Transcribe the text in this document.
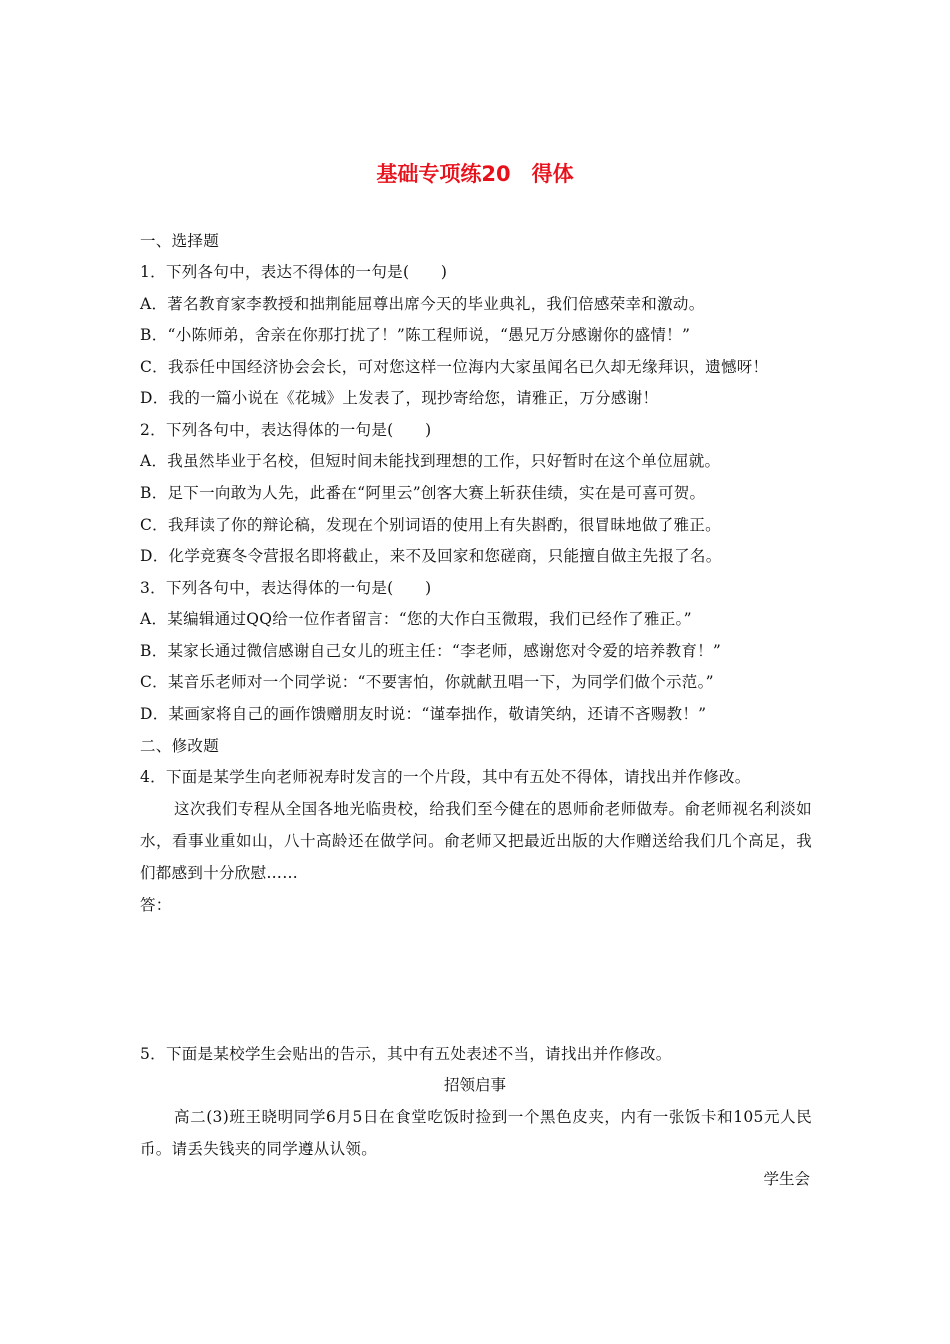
基础专项练20　得体
一、选择题
1．下列各句中，表达不得体的一句是(　　)
A．著名教育家李教授和拙荆能屈尊出席今天的毕业典礼，我们倍感荣幸和激动。
B．“小陈师弟，舍亲在你那打扰了！”陈工程师说，“愚兄万分感谢你的盛情！”
C．我忝任中国经济协会会长，可对您这样一位海内大家虽闻名已久却无缘拜识，遗憾呀！
D．我的一篇小说在《花城》上发表了，现抄寄给您，请雅正，万分感谢！
2．下列各句中，表达得体的一句是(　　)
A．我虽然毕业于名校，但短时间未能找到理想的工作，只好暂时在这个单位屈就。
B．足下一向敢为人先，此番在“阿里云”创客大赛上斩获佳绩，实在是可喜可贺。
C．我拜读了你的辩论稿，发现在个别词语的使用上有失斟酌，很冒昧地做了雅正。
D．化学竞赛冬令营报名即将截止，来不及回家和您磋商，只能擅自做主先报了名。
3．下列各句中，表达得体的一句是(　　)
A．某编辑通过QQ给一位作者留言：“您的大作白玉微瑕，我们已经作了雅正。”
B．某家长通过微信感谢自己女儿的班主任：“李老师，感谢您对令爱的培养教育！”
C．某音乐老师对一个同学说：“不要害怕，你就献丑唱一下，为同学们做个示范。”
D．某画家将自己的画作馈赠朋友时说：“谨奉拙作，敬请笑纳，还请不吝赐教！”
二、修改题
4．下面是某学生向老师祝寿时发言的一个片段，其中有五处不得体，请找出并作修改。
这次我们专程从全国各地光临贵校，给我们至今健在的恩师俞老师做寿。俞老师视名利淡如水，看事业重如山，八十高龄还在做学问。俞老师又把最近出版的大作赠送给我们几个高足，我们都感到十分欣慰……
答：
5．下面是某校学生会贴出的告示，其中有五处表述不当，请找出并作修改。
招领启事
高二(3)班王晓明同学6月5日在食堂吃饭时捡到一个黑色皮夹，内有一张饭卡和105元人民币。请丢失钱夹的同学遵从认领。
学生会
